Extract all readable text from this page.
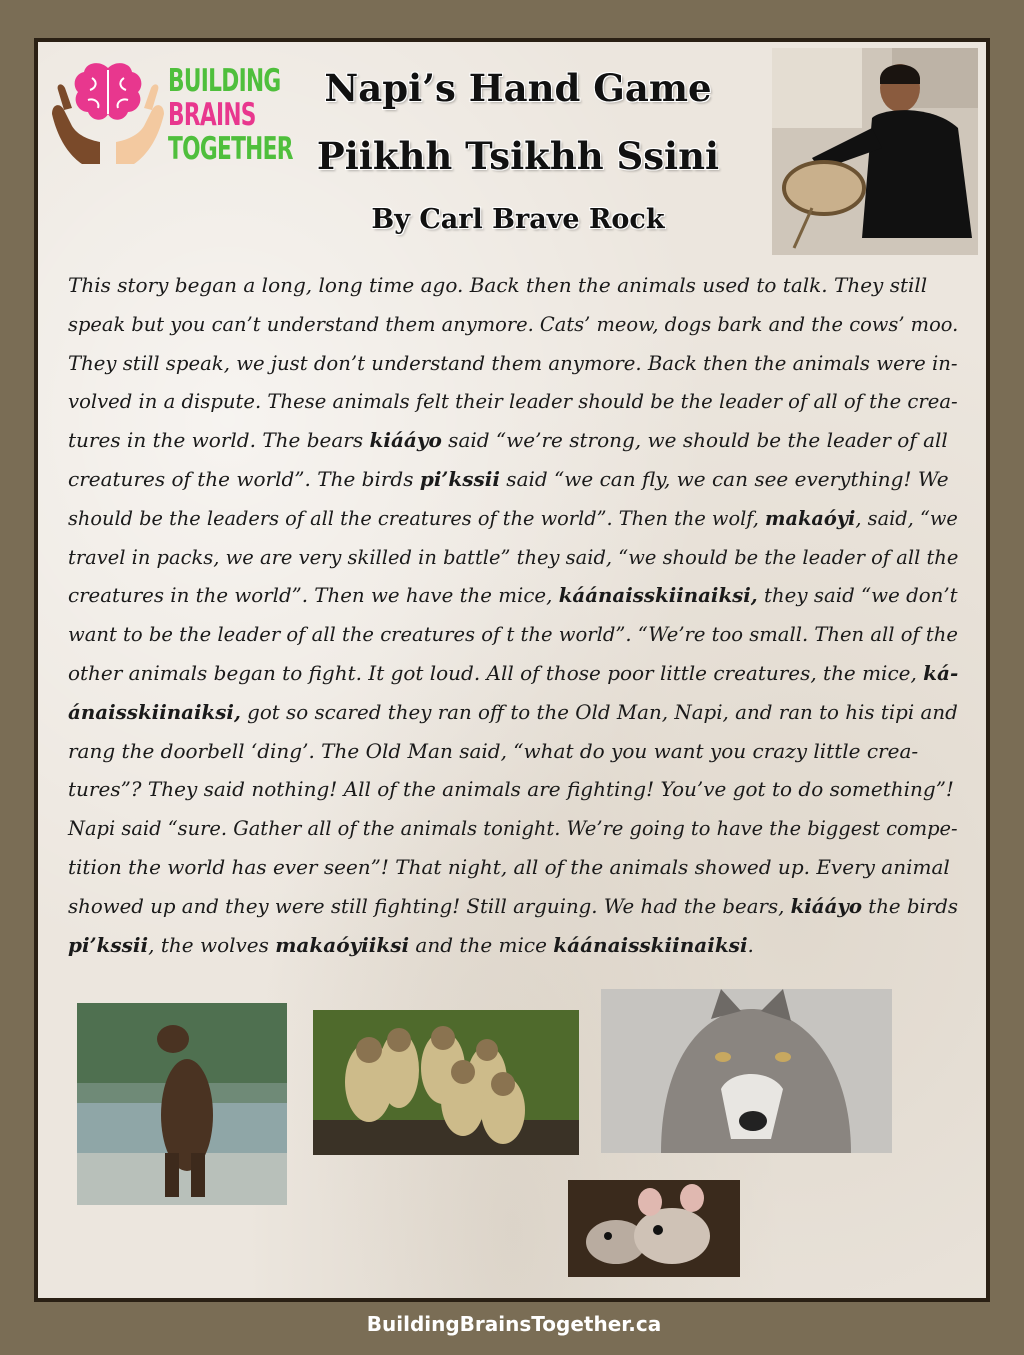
BUILDING
BRAINS
TOGETHER
Napi’s Hand Game
Piikhh Tsikhh Ssini
By Carl Brave Rock
This story began a long, long time ago. Back then the animals used to talk. They still
speak but you can’t understand them anymore. Cats’ meow, dogs bark and the cows’ moo.
They still speak, we just don’t understand them anymore. Back then the animals were in-
volved in a dispute. These animals felt their leader should be the leader of all of the crea-
tures in the world. The bears kiááyo said “we’re strong, we should be the leader of all
creatures of the world”. The birds pi’kssii said “we can fly, we can see everything! We
should be the leaders of all the creatures of the world”. Then the wolf, makaóyi, said, “we
travel in packs, we are very skilled in battle” they said, “we should be the leader of all the
creatures in the world”. Then we have the mice, káánaisskiinaiksi, they said “we don’t
want to be the leader of all the creatures of t the world”. “We’re too small. Then all of the
other animals began to fight. It got loud. All of those poor little creatures, the mice, ká-
ánaisskiinaiksi, got so scared they ran off to the Old Man, Napi, and ran to his tipi and
rang the doorbell ‘ding’. The Old Man said, “what do you want you crazy little crea-
tures”? They said nothing! All of the animals are fighting! You’ve got to do something”!
Napi said “sure. Gather all of the animals tonight. We’re going to have the biggest compe-
tition the world has ever seen”! That night, all of the animals showed up. Every animal
showed up and they were still fighting! Still arguing. We had the bears, kiááyo the birds
pi’kssii, the wolves makaóyiiksi and the mice káánaisskiinaiksi.
BuildingBrainsTogether.ca
